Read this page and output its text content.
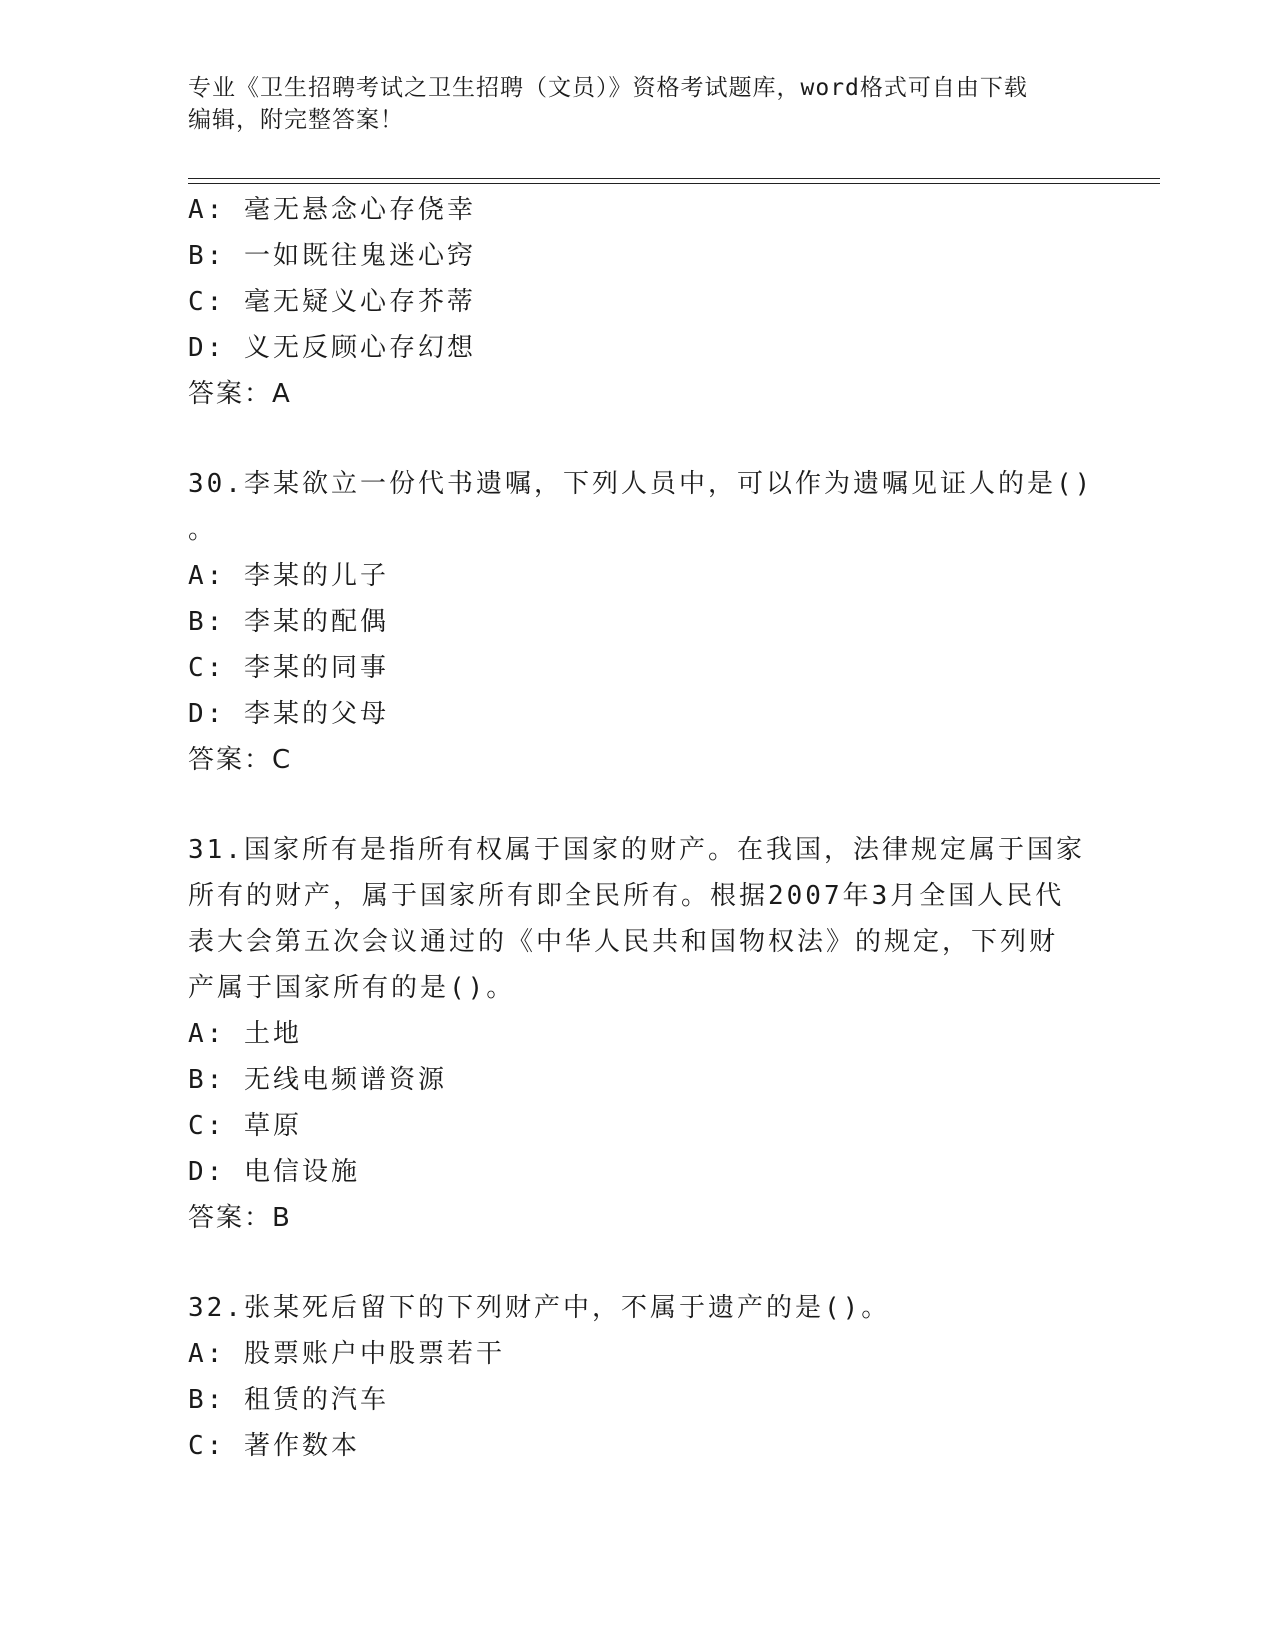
专业《卫生招聘考试之卫生招聘（文员）》资格考试题库，word格式可自由下载
编辑，附完整答案！
A: 毫无悬念心存侥幸
B: 一如既往鬼迷心窍
C: 毫无疑义心存芥蒂
D: 义无反顾心存幻想
答案：A
30.李某欲立一份代书遗嘱，下列人员中，可以作为遗嘱见证人的是()
。
A: 李某的儿子
B: 李某的配偶
C: 李某的同事
D: 李某的父母
答案：C
31.国家所有是指所有权属于国家的财产。在我国，法律规定属于国家
所有的财产，属于国家所有即全民所有。根据2007年3月全国人民代
表大会第五次会议通过的《中华人民共和国物权法》的规定，下列财
产属于国家所有的是()。
A: 土地
B: 无线电频谱资源
C: 草原
D: 电信设施
答案：B
32.张某死后留下的下列财产中，不属于遗产的是()。
A: 股票账户中股票若干
B: 租赁的汽车
C: 著作数本
